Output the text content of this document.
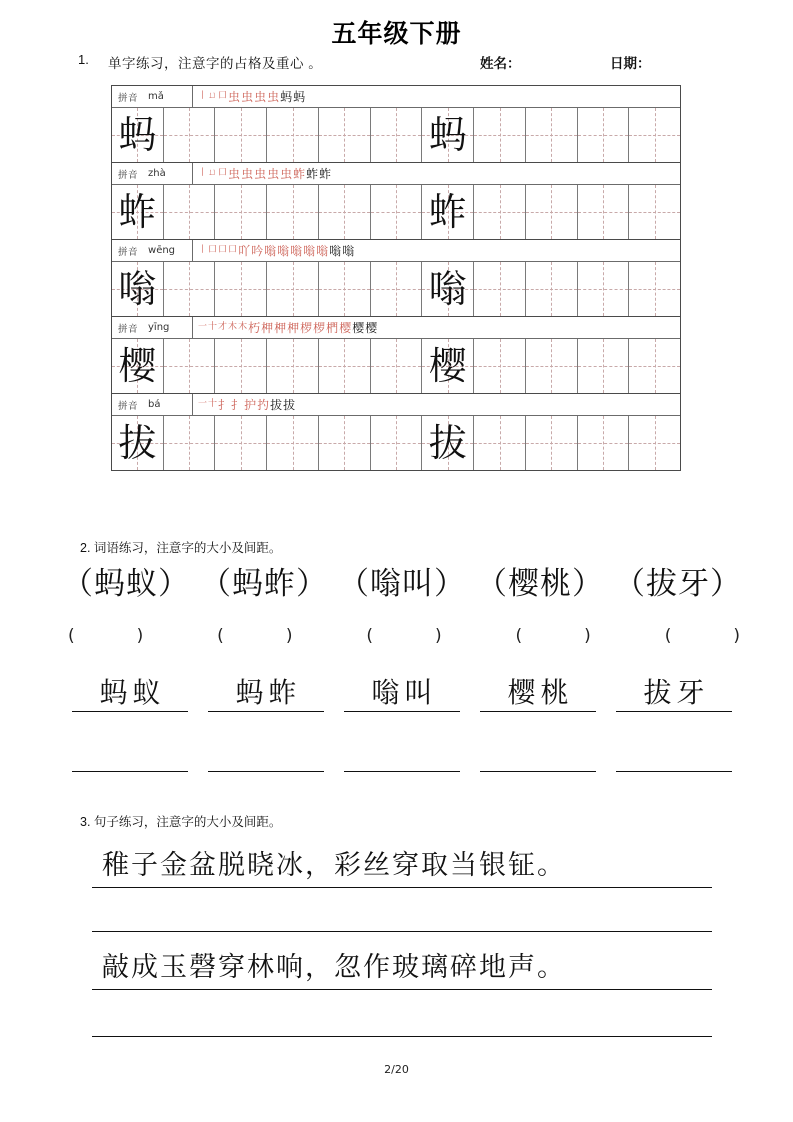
五年级下册
1. 单字练习，注意字的占格及重心 。	姓名：	日期：
拼音 mǎ	丨 ㄩ 口 虫 虫 虫 虫 蚂 蚂
蚂	蚂
拼音 zhà	丨 ㄩ 口 虫 虫 虫 虫 虫 蚱 蚱 蚱
蚱	蚱
拼音 wēng	丨 口 口 口 吖 吟 嗡 嗡 嗡 嗡 嗡 嗡 嗡
嗡	嗡
拼音 yīng	一 十 才 木 木 朽 柙 柙 柙 椤 椤 椚 樱 樱 樱
樱	樱
拼音 bá	一 十 扌 扌 护 扚 拔 拔
拔	拔
2. 词语练习，注意字的大小及间距。
（蚂蚁） （蚂蚱） （嗡叫） （樱桃） （拔牙）
(	)	(	)	(	)	(	)	(	)
蚂蚁	蚂蚱	嗡叫	樱桃	拔牙
3. 句子练习，注意字的大小及间距。
稚子金盆脱晓冰，彩丝穿取当银钲。
敲成玉磬穿林响，忽作玻璃碎地声。
2/20
